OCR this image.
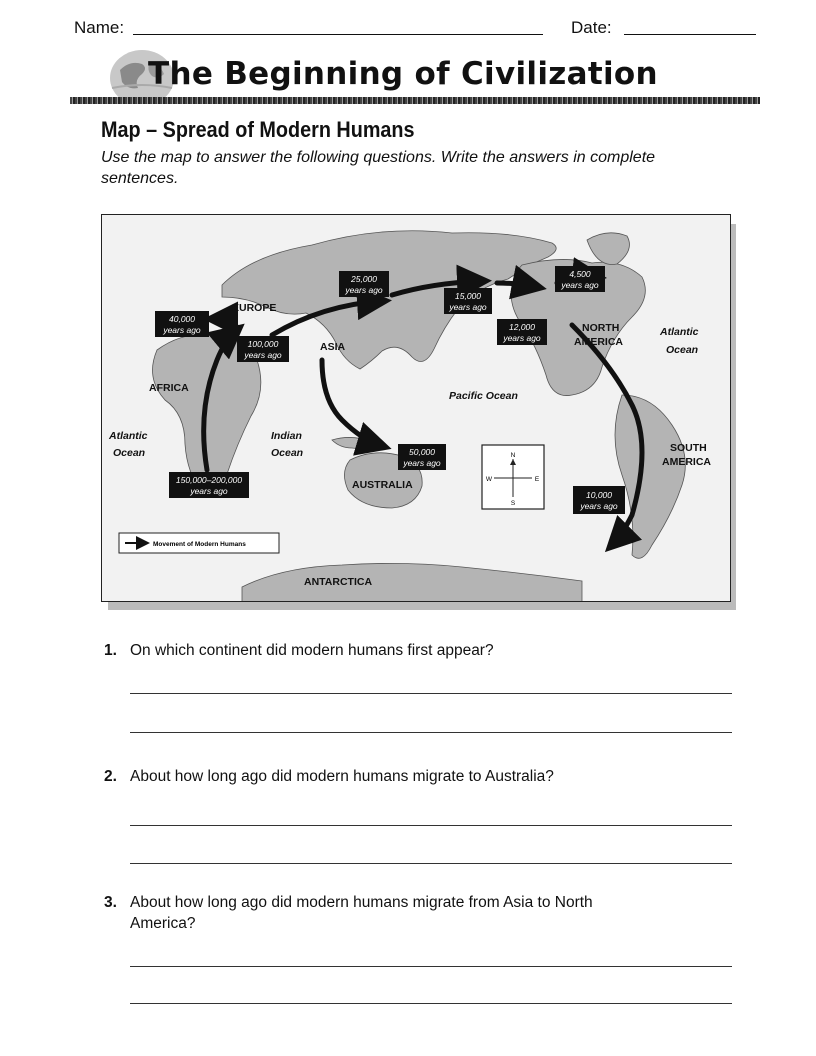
Name:	Date:
The Beginning of Civilization
Map – Spread of Modern Humans
Use the map to answer the following questions. Write the answers in complete sentences.
40,000
years ago
100,000
years ago
25,000
years ago
15,000
years ago
12,000
years ago
4,500
years ago
50,000
years ago
150,000–200,000
years ago	10,000
years ago
EUROPE
ASIA
AFRICA
AUSTRALIA
NORTH
AMERICA
SOUTH
AMERICA
ANTARCTICA
Atlantic
Ocean
Indian
Ocean
Pacific Ocean
Atlantic
Ocean
N
S
E
W
Movement of Modern Humans
1. On which continent did modern humans first appear?
2. About how long ago did modern humans migrate to Australia?
3. About how long ago did modern humans migrate from Asia to North America?
